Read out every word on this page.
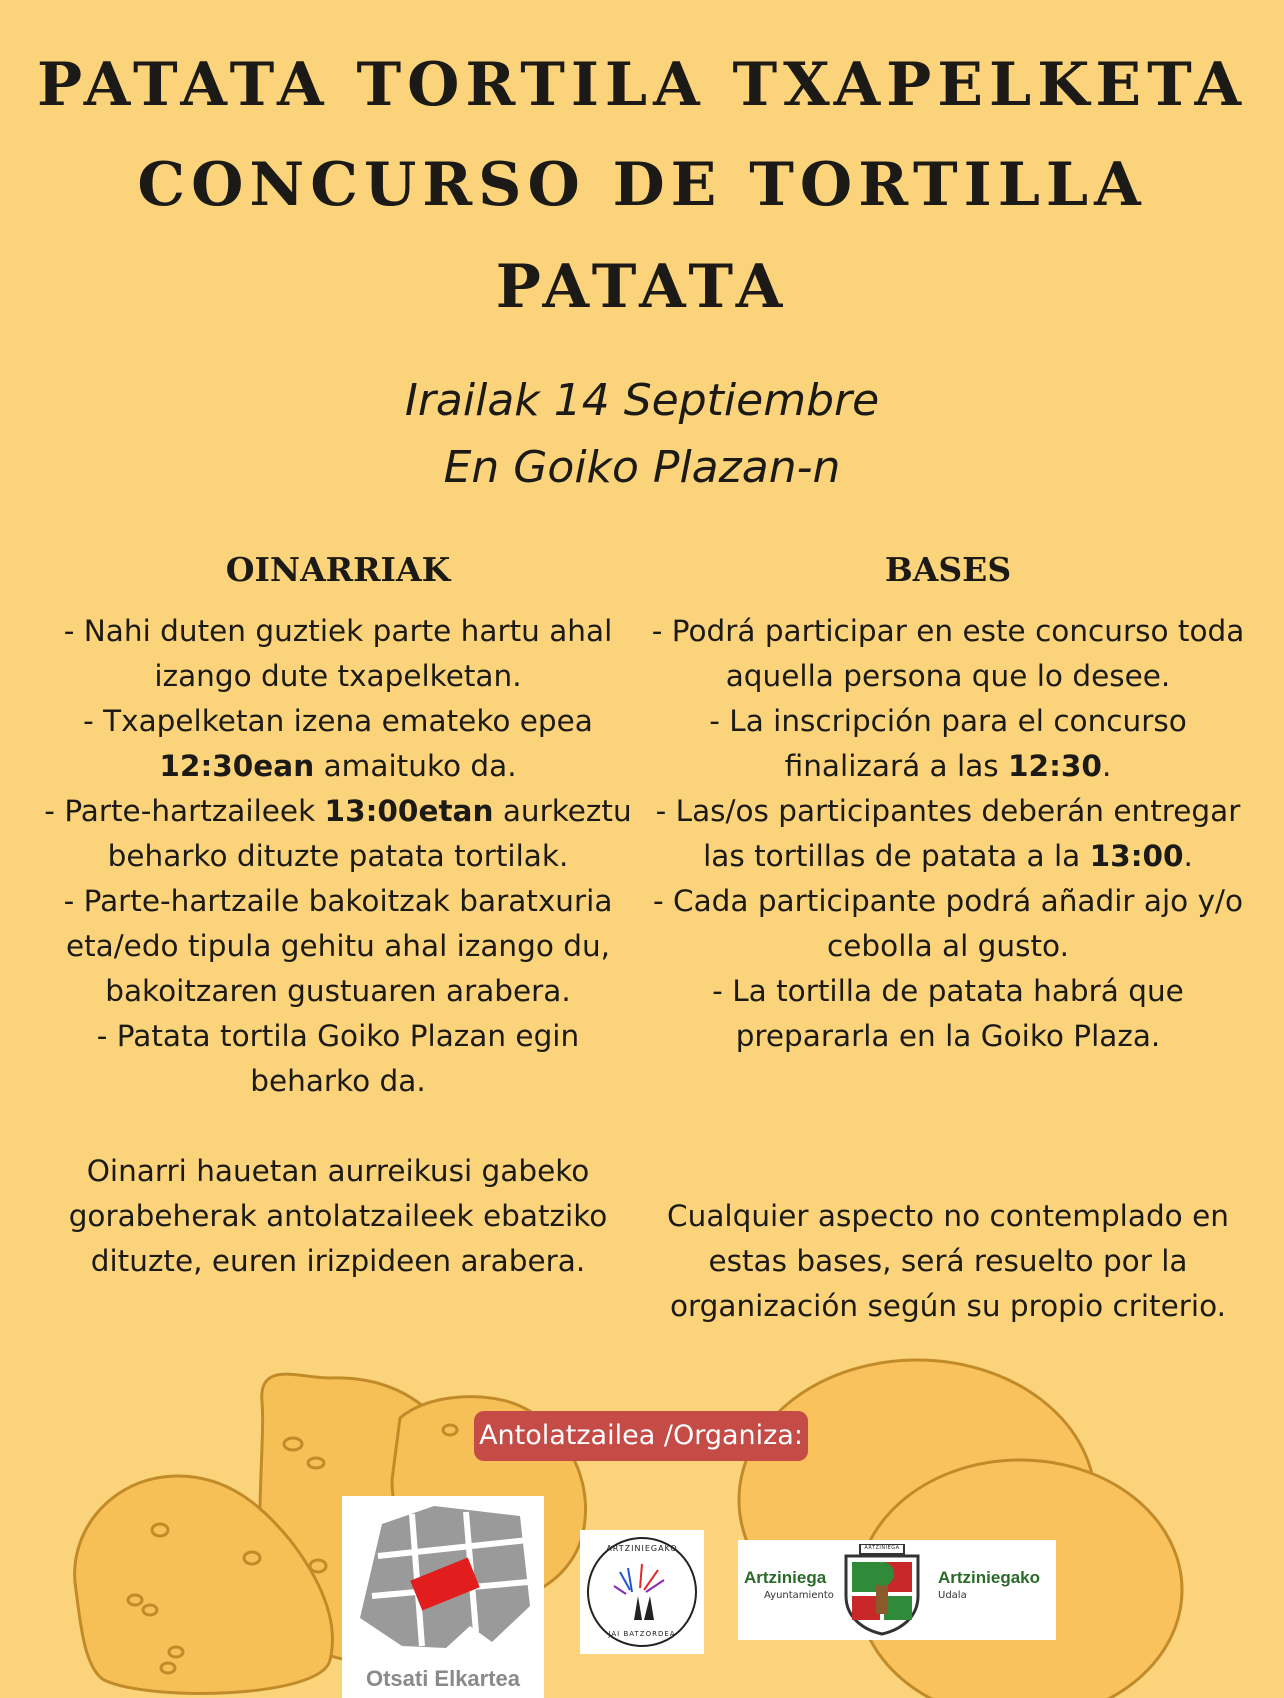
PATATA TORTILA TXAPELKETA
CONCURSO DE TORTILLA
PATATA
Irailak 14 Septiembre
En Goiko Plazan-n
OINARRIAK	BASES

- Nahi duten guztiek parte hartu ahal izango dute txapelketan.

- Txapelketan izena emateko epea 12:30ean amaituko da.

- Parte-hartzaileek 13:00etan aurkeztu beharko dituzte patata tortilak.

- Parte-hartzaile bakoitzak baratxuria eta/edo tipula gehitu ahal izango du, bakoitzaren gustuaren arabera.

- Patata tortila Goiko Plazan egin beharko da.

Oinarri hauetan aurreikusi gabeko gorabeherak antolatzaileek ebatziko dituzte, euren irizpideen arabera.

- Podrá participar en este concurso toda aquella persona que lo desee.

- La inscripción para el concurso finalizará a las 12:30.

- Las/os participantes deberán entregar las tortillas de patata a la 13:00.

- Cada participante podrá añadir ajo y/o cebolla al gusto.

- La tortilla de patata habrá que prepararla en la Goiko Plaza.

Cualquier aspecto no contemplado en estas bases, será resuelto por la organización según su propio criterio.

Antolatzailea /Organiza:
Otsati Elkartea
ARTZINIEGAKO
JAI BATZORDEA
Artziniega
Ayuntamiento
ARTZINIEGA
Artziniegako
Udala
